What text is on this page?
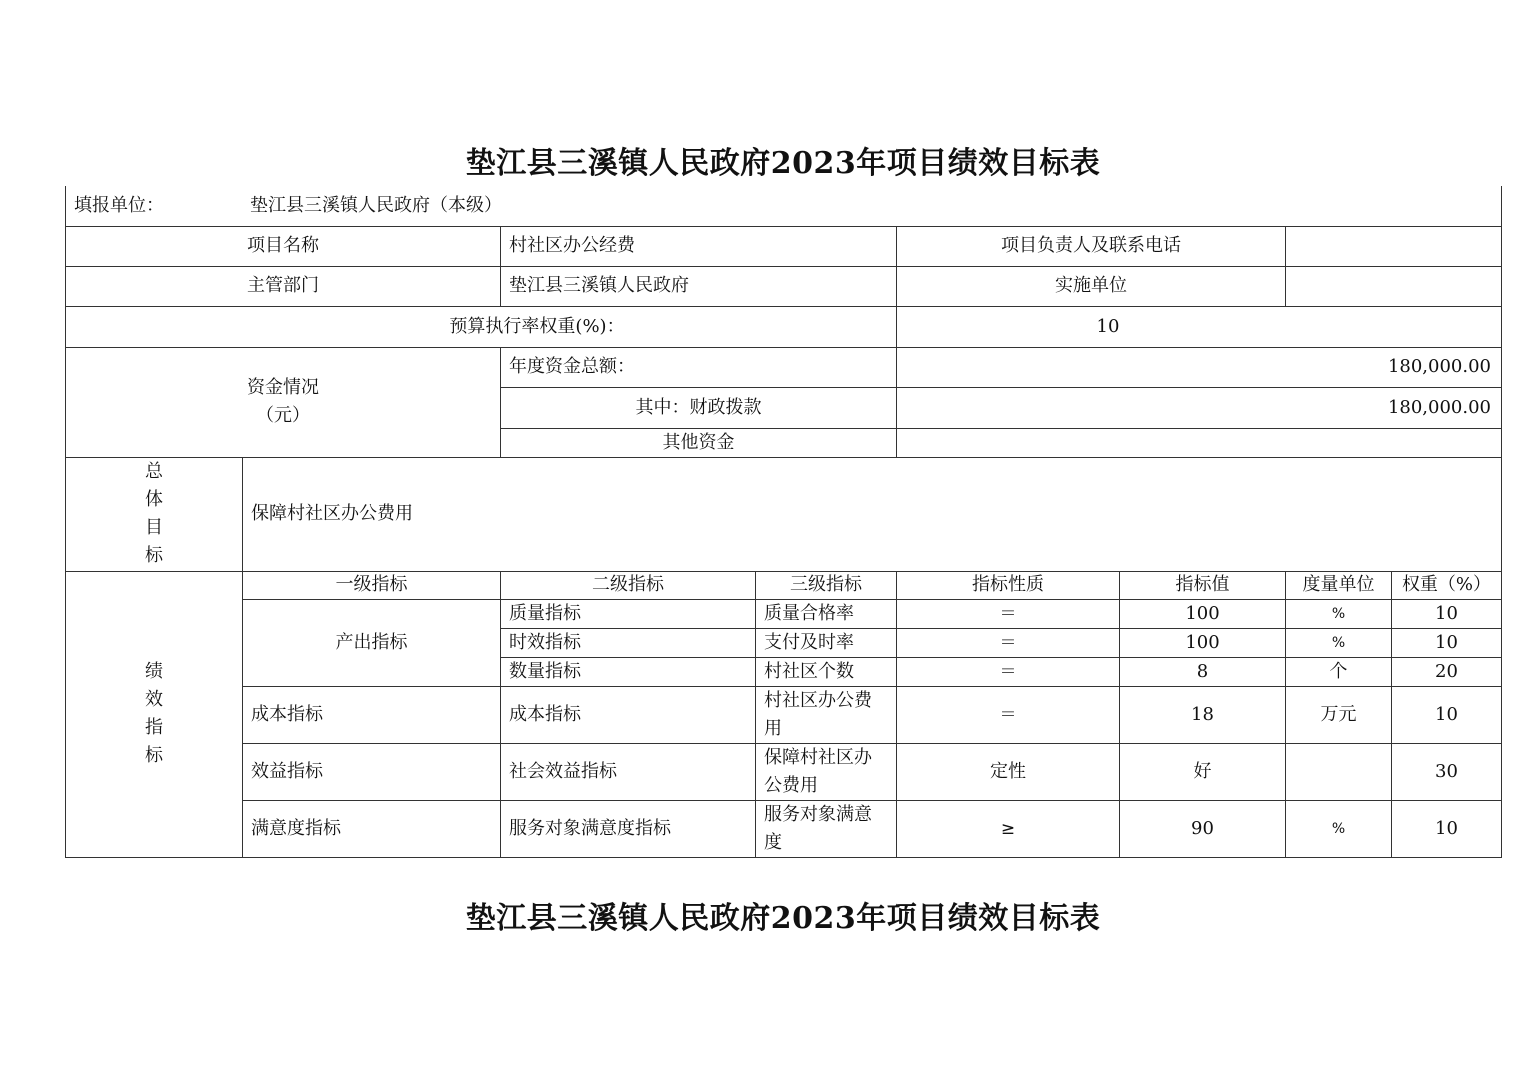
垫江县三溪镇人民政府2023年项目绩效目标表
填报单位： 垫江县三溪镇人民政府（本级）							
项目名称		村社区办公经费		项目负责人及联系电话			
主管部门		垫江县三溪镇人民政府		实施单位			
预算执行率权重(%)：				10			

资金情况
（元）		年度资金总额：		180,000.00			
		其中：财政拨款		180,000.00			
		其他资金					

总
体
目
标	保障村社区办公费用						

绩
效
指
标	一级指标	二级指标	三级指标	指标性质	指标值	度量单位	权重（%）
	产出指标	质量指标	质量合格率	＝	100	%	10
		时效指标	支付及时率	＝	100	%	10
		数量指标	村社区个数	＝	8	个	20
	成本指标	成本指标	村社区办公费用	＝	18	万元	10
	效益指标	社会效益指标	保障村社区办公费用	定性	好		30
	满意度指标	服务对象满意度指标	服务对象满意度	≥	90	%	10
垫江县三溪镇人民政府2023年项目绩效目标表
